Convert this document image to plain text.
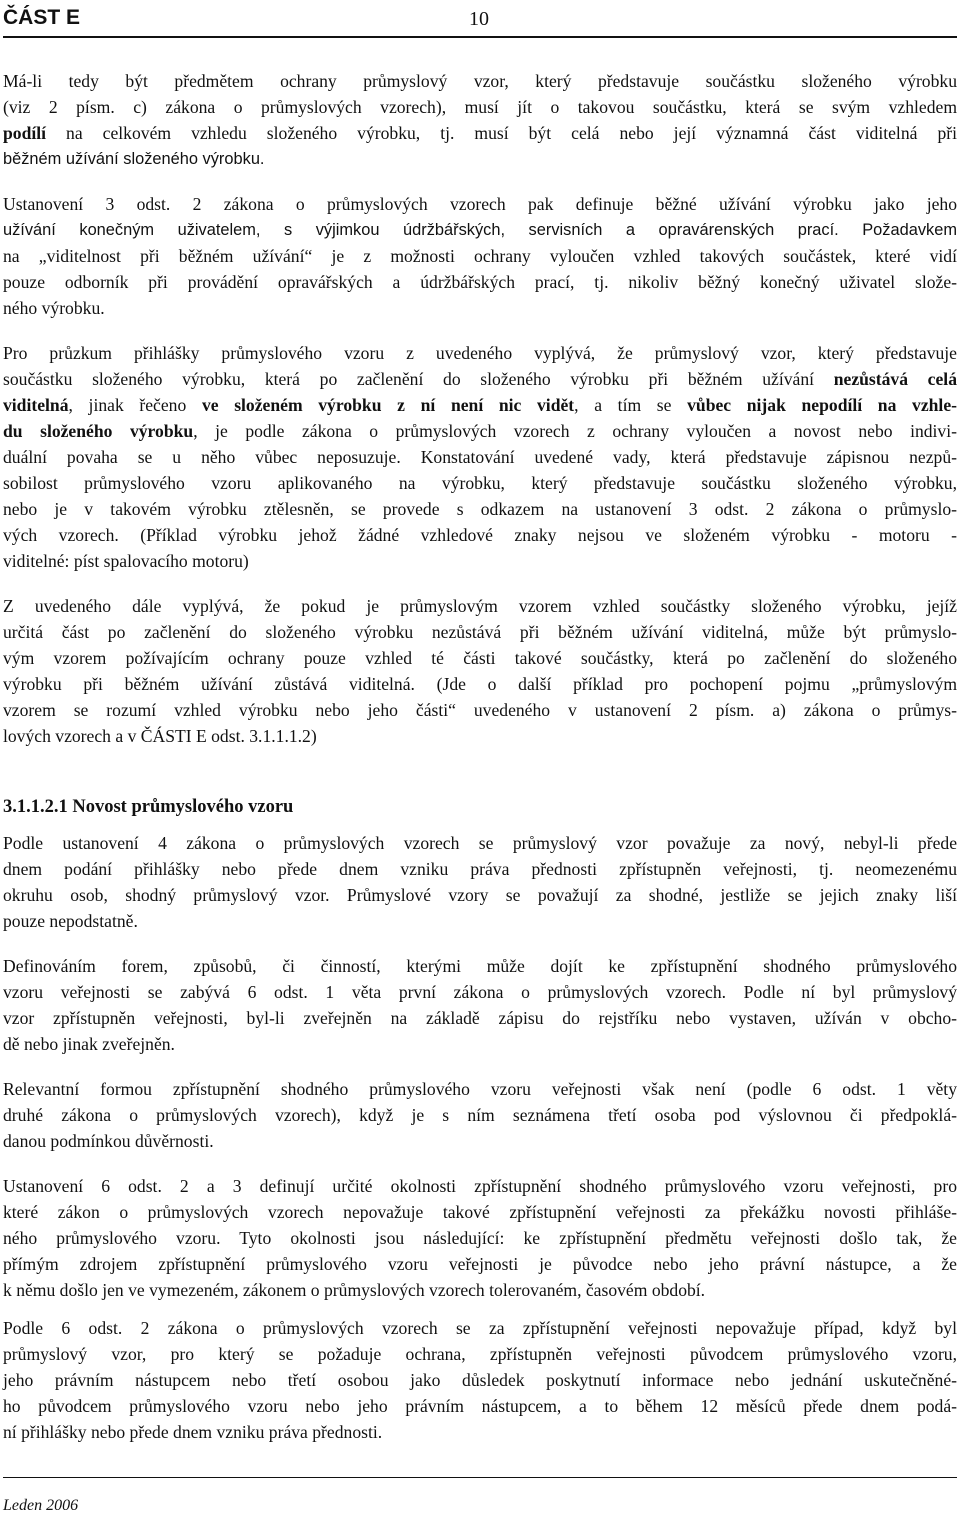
ČÁST E	10
Má-li tedy být předmětem ochrany průmyslový vzor, který představuje součástku složeného výrobku
(viz 2 písm. c) zákona o průmyslových vzorech), musí jít o takovou součástku, která se svým vzhledem
podílí na celkovém vzhledu složeného výrobku, tj. musí být celá nebo její významná část viditelná při
běžném užívání složeného výrobku.
Ustanovení 3 odst. 2 zákona o průmyslových vzorech pak definuje běžné užívání výrobku jako jeho
užívání konečným uživatelem, s výjimkou údržbářských, servisních a opravárenských prací. Požadavkem
na „viditelnost při běžném užívání“ je z možnosti ochrany vyloučen vzhled takových součástek, které vidí
pouze odborník při provádění opravářských a údržbářských prací, tj. nikoliv běžný konečný uživatel slože-
ného výrobku.
Pro průzkum přihlášky průmyslového vzoru z uvedeného vyplývá, že průmyslový vzor, který představuje
součástku složeného výrobku, která po začlenění do složeného výrobku při běžném užívání nezůstává celá
viditelná, jinak řečeno ve složeném výrobku z ní není nic vidět, a tím se vůbec nijak nepodílí na vzhle-
du složeného výrobku, je podle zákona o průmyslových vzorech z ochrany vyloučen a novost nebo indivi-
duální povaha se u něho vůbec neposuzuje. Konstatování uvedené vady, která představuje zápisnou nezpů-
sobilost průmyslového vzoru aplikovaného na výrobku, který představuje součástku složeného výrobku,
nebo je v takovém výrobku ztělesněn, se provede s odkazem na ustanovení 3 odst. 2 zákona o průmyslo-
vých vzorech. (Příklad výrobku jehož žádné vzhledové znaky nejsou ve složeném výrobku - motoru -
viditelné: píst spalovacího motoru)
Z uvedeného dále vyplývá, že pokud je průmyslovým vzorem vzhled součástky složeného výrobku, jejíž
určitá část po začlenění do složeného výrobku nezůstává při běžném užívání viditelná, může být průmyslo-
vým vzorem požívajícím ochrany pouze vzhled té části takové součástky, která po začlenění do složeného
výrobku při běžném užívání zůstává viditelná. (Jde o další příklad pro pochopení pojmu „průmyslovým
vzorem se rozumí vzhled výrobku nebo jeho části“ uvedeného v ustanovení 2 písm. a) zákona o průmys-
lových vzorech a v ČÁSTI E odst. 3.1.1.1.2)
3.1.1.2.1 Novost průmyslového vzoru
Podle ustanovení 4 zákona o průmyslových vzorech se průmyslový vzor považuje za nový, nebyl-li přede
dnem podání přihlášky nebo přede dnem vzniku práva přednosti zpřístupněn veřejnosti, tj. neomezenému
okruhu osob, shodný průmyslový vzor. Průmyslové vzory se považují za shodné, jestliže se jejich znaky liší
pouze nepodstatně.
Definováním forem, způsobů, či činností, kterými může dojít ke zpřístupnění shodného průmyslového
vzoru veřejnosti se zabývá 6 odst. 1 věta první zákona o průmyslových vzorech. Podle ní byl průmyslový
vzor zpřístupněn veřejnosti, byl-li zveřejněn na základě zápisu do rejstříku nebo vystaven, užíván v obcho-
dě nebo jinak zveřejněn.
Relevantní formou zpřístupnění shodného průmyslového vzoru veřejnosti však není (podle 6 odst. 1 věty
druhé zákona o průmyslových vzorech), když je s ním seznámena třetí osoba pod výslovnou či předpoklá-
danou podmínkou důvěrnosti.
Ustanovení 6 odst. 2 a 3 definují určité okolnosti zpřístupnění shodného průmyslového vzoru veřejnosti, pro
které zákon o průmyslových vzorech nepovažuje takové zpřístupnění veřejnosti za překážku novosti přihláše-
ného průmyslového vzoru. Tyto okolnosti jsou následující: ke zpřístupnění předmětu veřejnosti došlo tak, že
přímým zdrojem zpřístupnění průmyslového vzoru veřejnosti je původce nebo jeho právní nástupce, a že
k němu došlo jen ve vymezeném, zákonem o průmyslových vzorech tolerovaném, časovém období.
Podle 6 odst. 2 zákona o průmyslových vzorech se za zpřístupnění veřejnosti nepovažuje případ, když byl
průmyslový vzor, pro který se požaduje ochrana, zpřístupněn veřejnosti původcem průmyslového vzoru,
jeho právním nástupcem nebo třetí osobou jako důsledek poskytnutí informace nebo jednání uskutečněné-
ho původcem průmyslového vzoru nebo jeho právním nástupcem, a to během 12 měsíců přede dnem podá-
ní přihlášky nebo přede dnem vzniku práva přednosti.
Leden 2006
